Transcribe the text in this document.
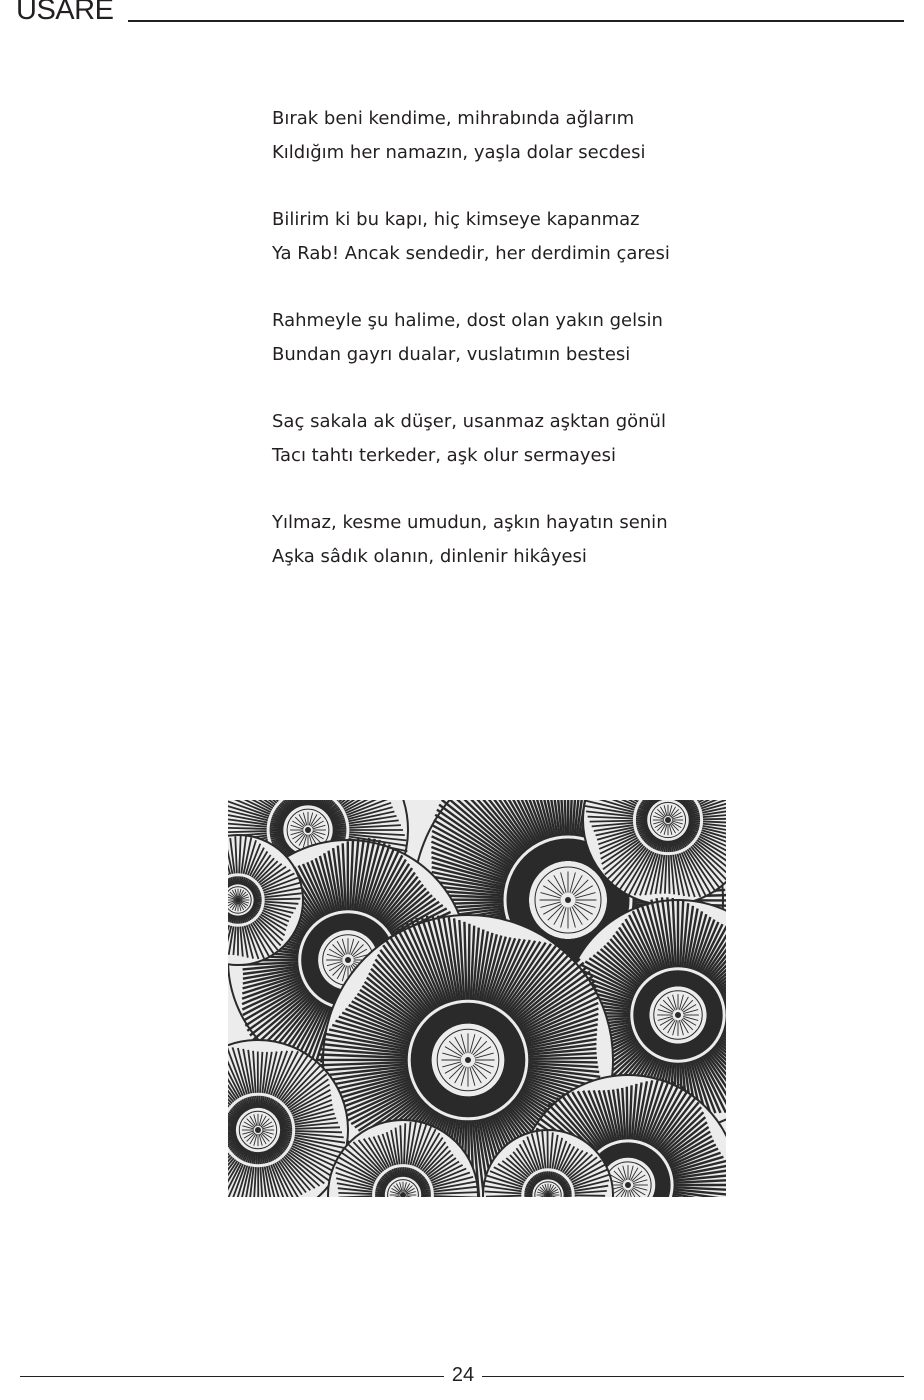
USARE
Bırak beni kendime, mihrabında ağlarım
Kıldığım her namazın, yaşla dolar secdesi
Bilirim ki bu kapı, hiç kimseye kapanmaz
Ya Rab! Ancak sendedir, her derdimin çaresi
Rahmeyle şu halime, dost olan yakın gelsin
Bundan gayrı dualar, vuslatımın bestesi
Saç sakala ak düşer, usanmaz aşktan gönül
Tacı tahtı terkeder, aşk olur sermayesi
Yılmaz, kesme umudun, aşkın hayatın senin
Aşka sâdık olanın, dinlenir hikâyesi
24
